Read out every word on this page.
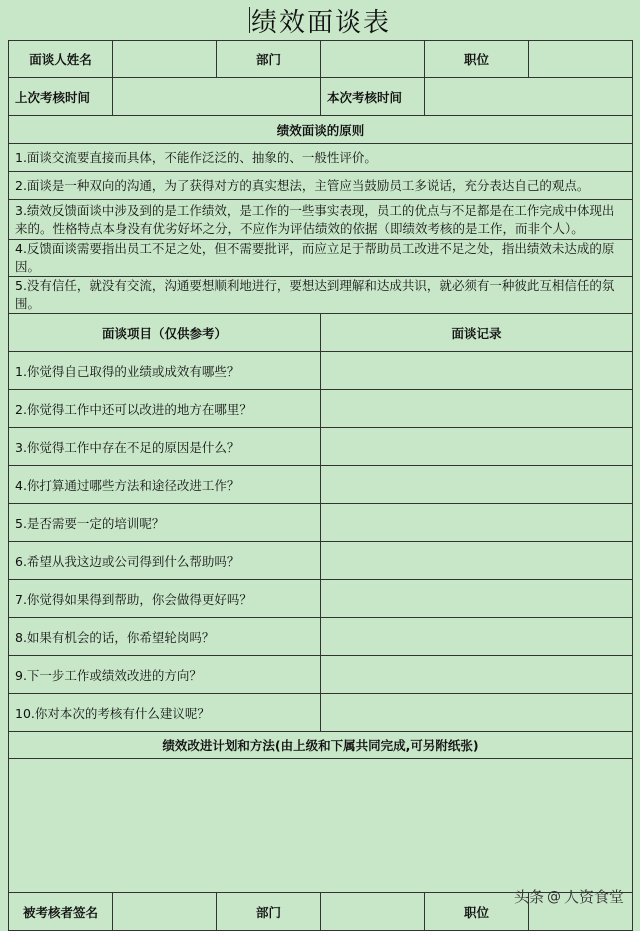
绩效面谈表
面谈人姓名		部门		职位	
上次考核时间			本次考核时间		
绩效面谈的原则					
1.面谈交流要直接而具体，不能作泛泛的、抽象的、一般性评价。					
2.面谈是一种双向的沟通，为了获得对方的真实想法，主管应当鼓励员工多说话，充分表达自己的观点。					
3.绩效反馈面谈中涉及到的是工作绩效，是工作的一些事实表现，员工的优点与不足都是在工作完成中体现出来的。性格特点本身没有优劣好坏之分，不应作为评估绩效的依据（即绩效考核的是工作，而非个人）。					
4.反馈面谈需要指出员工不足之处，但不需要批评，而应立足于帮助员工改进不足之处，指出绩效未达成的原因。					
5.没有信任，就没有交流，沟通要想顺利地进行，要想达到理解和达成共识，就必须有一种彼此互相信任的氛围。					
面谈项目（仅供参考）			面谈记录		
1.你觉得自己取得的业绩或成效有哪些？					
2.你觉得工作中还可以改进的地方在哪里？					
3.你觉得工作中存在不足的原因是什么？					
4.你打算通过哪些方法和途径改进工作？					
5.是否需要一定的培训呢？					
6.希望从我这边或公司得到什么帮助吗？					
7.你觉得如果得到帮助，你会做得更好吗？					
8.如果有机会的话，你希望轮岗吗？					
9.下一步工作或绩效改进的方向？					
10.你对本次的考核有什么建议呢？					
绩效改进计划和方法(由上级和下属共同完成,可另附纸张)					

被考核者签名		部门		职位	
头条 @ 人资食堂
